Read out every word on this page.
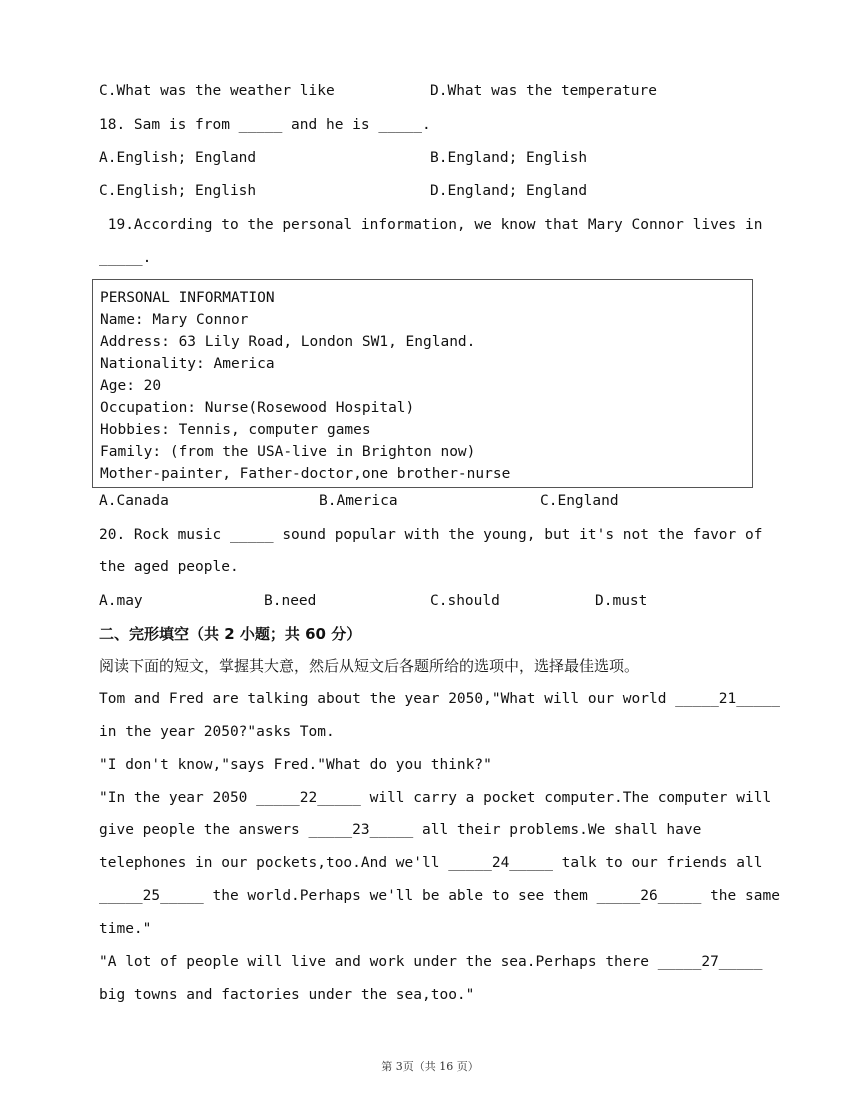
C.What was the weather like	D.What was the temperature
18. Sam is from _____ and he is _____.
A.English; England	B.England; English
C.English; English	D.England; England
19.According to the personal information, we know that Mary Connor lives in
_____.
PERSONAL INFORMATION
Name: Mary Connor
Address: 63 Lily Road, London SW1, England.
Nationality: America
Age: 20
Occupation: Nurse(Rosewood Hospital)
Hobbies: Tennis, computer games
Family: (from the USA-live in Brighton now)
Mother-painter, Father-doctor,one brother-nurse
A.Canada	B.America	C.England
20. Rock music _____ sound popular with the young, but it's not the favor of
the aged people.
A.may	B.need	C.should	D.must
二、完形填空（共 2 小题；共 60 分）
阅读下面的短文，掌握其大意，然后从短文后各题所给的选项中，选择最佳选项。
Tom and Fred are talking about the year 2050,"What will our world _____21_____
in the year 2050?"asks Tom.
"I don't know,"says Fred."What do you think?"
"In the year 2050 _____22_____ will carry a pocket computer.The computer will
give people the answers _____23_____ all their problems.We shall have
telephones in our pockets,too.And we'll _____24_____ talk to our friends all
_____25_____ the world.Perhaps we'll be able to see them _____26_____ the same
time."
"A lot of people will live and work under the sea.Perhaps there _____27_____
big towns and factories under the sea,too."
第 3页（共 16 页）
